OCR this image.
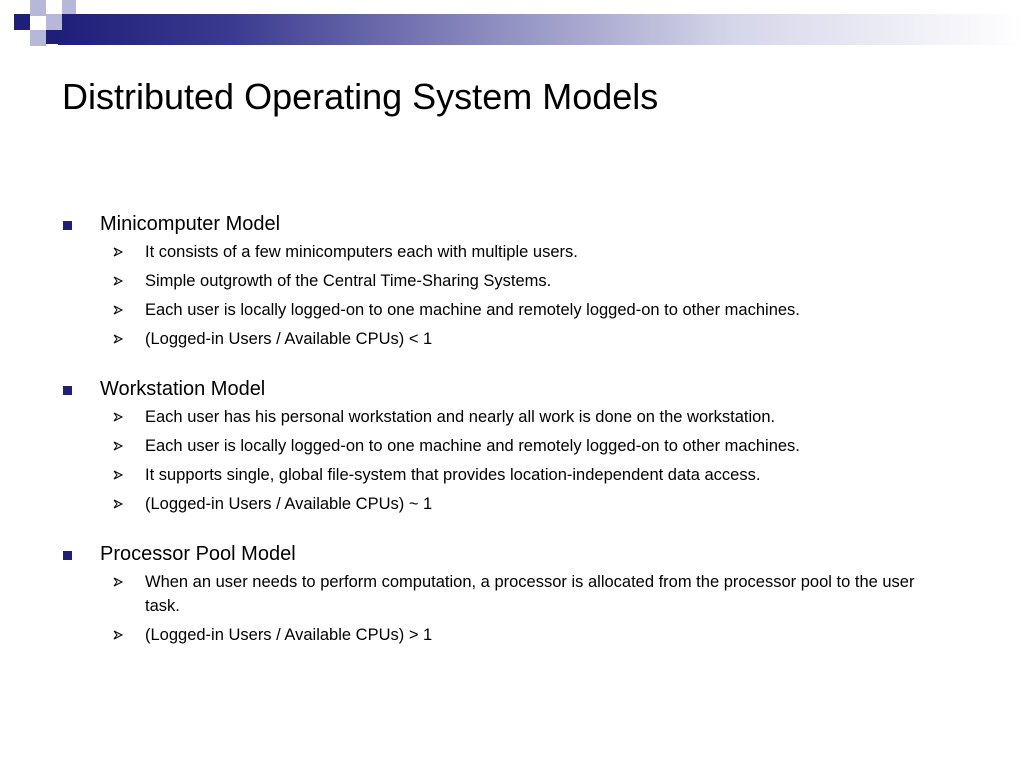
Distributed Operating System Models
Minicomputer Model
It consists of a few minicomputers each with multiple users.
Simple outgrowth of the Central Time-Sharing Systems.
Each user is locally logged-on to one machine and remotely logged-on to other machines.
(Logged-in Users / Available CPUs) < 1
Workstation Model
Each user has his personal workstation and nearly all work is done on the workstation.
Each user is locally logged-on to one machine and remotely logged-on to other machines.
It supports single, global file-system that provides location-independent data access.
(Logged-in Users / Available CPUs) ~ 1
Processor Pool Model
When an user needs to perform computation, a processor is allocated from the processor pool to the user task.
(Logged-in Users / Available CPUs) > 1
